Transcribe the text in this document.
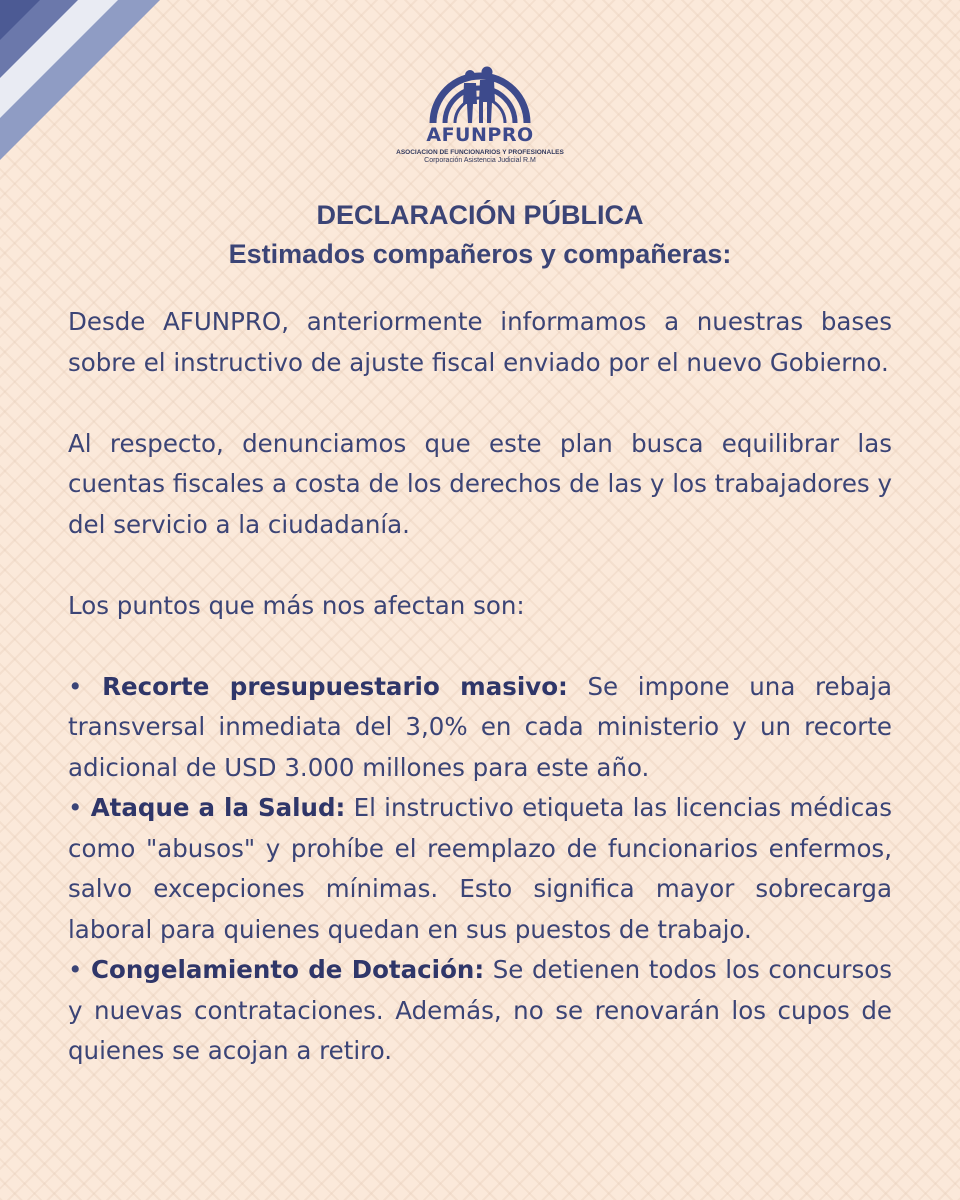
AFUNPRO
ASOCIACION DE FUNCIONARIOS Y PROFESIONALES
Corporación Asistencia Judicial R.M
DECLARACIÓN PÚBLICA
Estimados compañeros y compañeras:

Desde AFUNPRO, anteriormente informamos a nuestras bases sobre el instructivo de ajuste fiscal enviado por el nuevo Gobierno.

Al respecto, denunciamos que este plan busca equilibrar las cuentas fiscales a costa de los derechos de las y los trabajadores y del servicio a la ciudadanía.

Los puntos que más nos afectan son:

• Recorte presupuestario masivo: Se impone una rebaja transversal inmediata del 3,0% en cada ministerio y un recorte adicional de USD 3.000 millones para este año.

• Ataque a la Salud: El instructivo etiqueta las licencias médicas como "abusos" y prohíbe el reemplazo de funcionarios enfermos, salvo excepciones mínimas. Esto significa mayor sobrecarga laboral para quienes quedan en sus puestos de trabajo.

• Congelamiento de Dotación: Se detienen todos los concursos y nuevas contrataciones. Además, no se renovarán los cupos de quienes se acojan a retiro.
